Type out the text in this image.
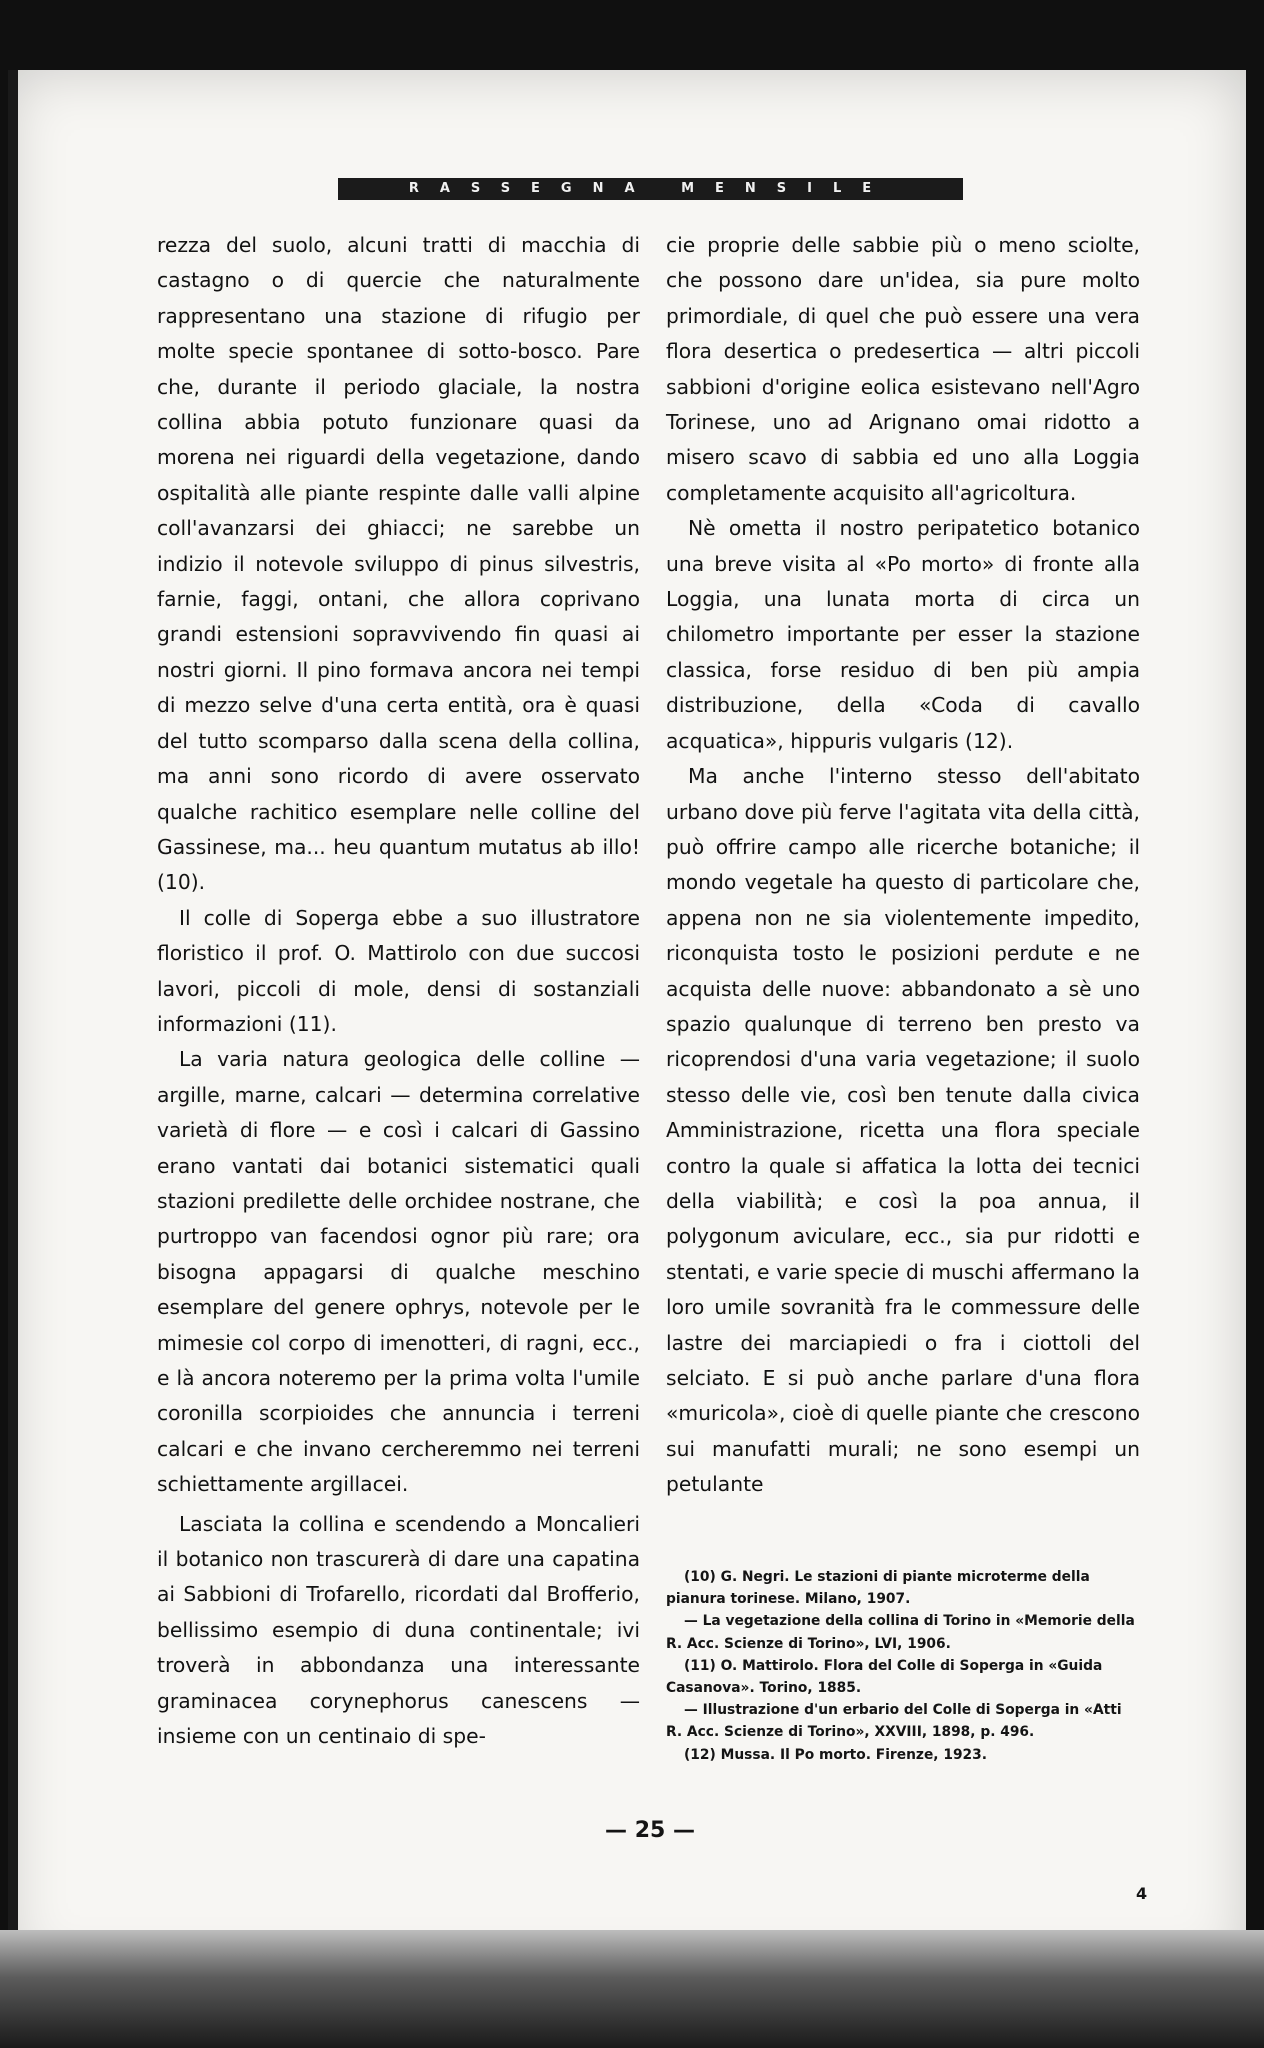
RASSEGNA MENSILE

rezza del suolo, alcuni tratti di macchia di castagno o di quercie che naturalmente rappresentano una stazione di rifugio per molte specie spontanee di sotto-bosco. Pare che, durante il periodo glaciale, la nostra collina abbia potuto funzionare quasi da morena nei riguardi della vegetazione, dando ospitalità alle piante respinte dalle valli alpine coll'avanzarsi dei ghiacci; ne sarebbe un indizio il notevole sviluppo di pinus silvestris, farnie, faggi, ontani, che allora coprivano grandi estensioni sopravvivendo fin quasi ai nostri giorni. Il pino formava ancora nei tempi di mezzo selve d'una certa entità, ora è quasi del tutto scomparso dalla scena della collina, ma anni sono ricordo di avere osservato qualche rachitico esemplare nelle colline del Gassinese, ma... heu quantum mutatus ab illo! (10).

Il colle di Soperga ebbe a suo illustratore floristico il prof. O. Mattirolo con due succosi lavori, piccoli di mole, densi di sostanziali informazioni (11).

La varia natura geologica delle colline — argille, marne, calcari — determina correlative varietà di flore — e così i calcari di Gassino erano vantati dai botanici sistematici quali stazioni predilette delle orchidee nostrane, che purtroppo van facendosi ognor più rare; ora bisogna appagarsi di qualche meschino esemplare del genere ophrys, notevole per le mimesie col corpo di imenotteri, di ragni, ecc., e là ancora noteremo per la prima volta l'umile coronilla scorpioides che annuncia i terreni calcari e che invano cercheremmo nei terreni schiettamente argillacei.

Lasciata la collina e scendendo a Moncalieri il botanico non trascurerà di dare una capatina ai Sabbioni di Trofarello, ricordati dal Brofferio, bellissimo esempio di duna continentale; ivi troverà in abbondanza una interessante graminacea corynephorus canescens — insieme con un centinaio di spe-

cie proprie delle sabbie più o meno sciolte, che possono dare un'idea, sia pure molto primordiale, di quel che può essere una vera flora desertica o predesertica — altri piccoli sabbioni d'origine eolica esistevano nell'Agro Torinese, uno ad Arignano omai ridotto a misero scavo di sabbia ed uno alla Loggia completamente acquisito all'agricoltura.

Nè ometta il nostro peripatetico botanico una breve visita al «Po morto» di fronte alla Loggia, una lunata morta di circa un chilometro importante per esser la stazione classica, forse residuo di ben più ampia distribuzione, della «Coda di cavallo acquatica», hippuris vulgaris (12).

Ma anche l'interno stesso dell'abitato urbano dove più ferve l'agitata vita della città, può offrire campo alle ricerche botaniche; il mondo vegetale ha questo di particolare che, appena non ne sia violentemente impedito, riconquista tosto le posizioni perdute e ne acquista delle nuove: abbandonato a sè uno spazio qualunque di terreno ben presto va ricoprendosi d'una varia vegetazione; il suolo stesso delle vie, così ben tenute dalla civica Amministrazione, ricetta una flora speciale contro la quale si affatica la lotta dei tecnici della viabilità; e così la poa annua, il polygonum aviculare, ecc., sia pur ridotti e stentati, e varie specie di muschi affermano la loro umile sovranità fra le commessure delle lastre dei marciapiedi o fra i ciottoli del selciato. E si può anche parlare d'una flora «muricola», cioè di quelle piante che crescono sui manufatti murali; ne sono esempi un petulante

(10) G. Negri. Le stazioni di piante microterme della pianura torinese. Milano, 1907.

— La vegetazione della collina di Torino in «Memorie della R. Acc. Scienze di Torino», LVI, 1906.

(11) O. Mattirolo. Flora del Colle di Soperga in «Guida Casanova». Torino, 1885.

— Illustrazione d'un erbario del Colle di Soperga in «Atti R. Acc. Scienze di Torino», XXVIII, 1898, p. 496.

(12) Mussa. Il Po morto. Firenze, 1923.

— 25 —
4
